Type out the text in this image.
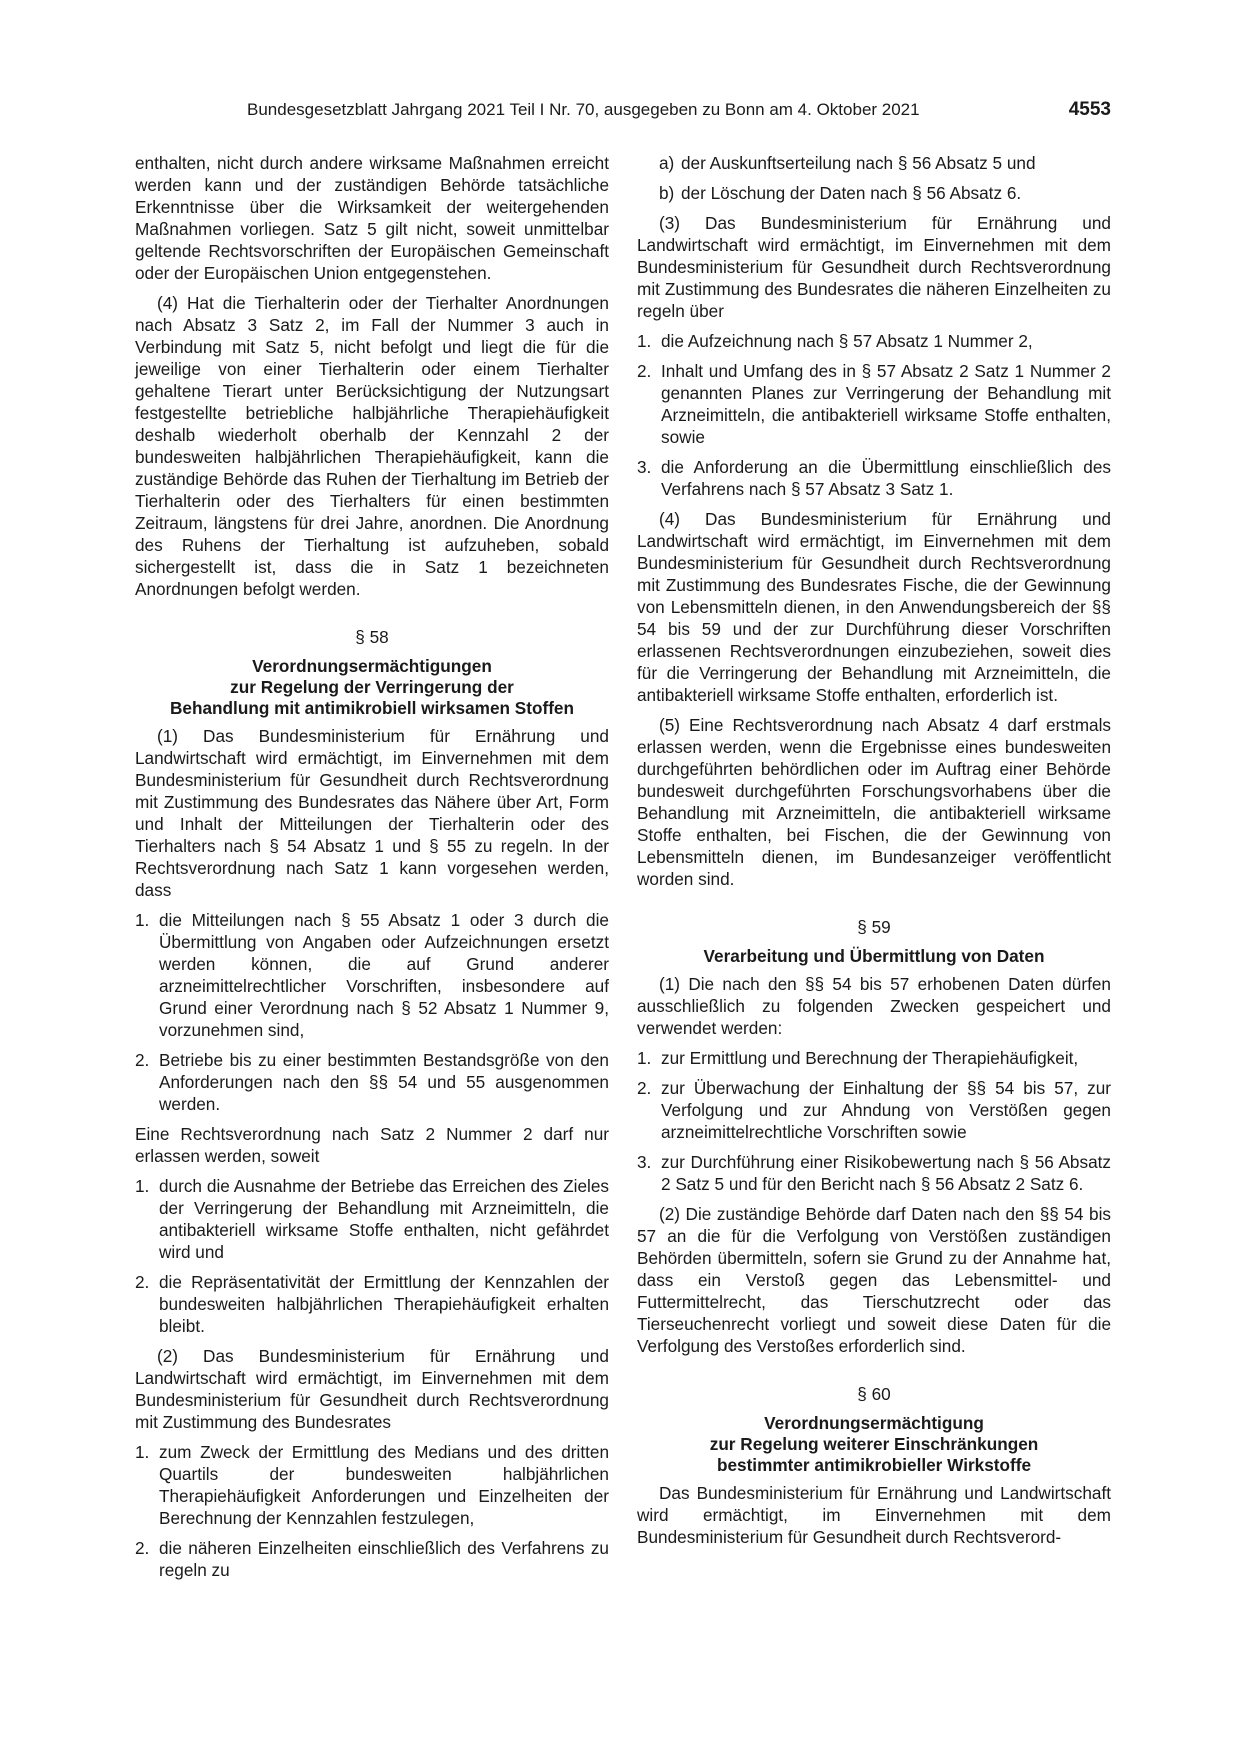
Bundesgesetzblatt Jahrgang 2021 Teil I Nr. 70, ausgegeben zu Bonn am 4. Oktober 2021	4553

enthalten, nicht durch andere wirksame Maßnahmen erreicht werden kann und der zuständigen Behörde tatsächliche Erkenntnisse über die Wirksamkeit der weitergehenden Maßnahmen vorliegen. Satz 5 gilt nicht, soweit unmittelbar geltende Rechtsvorschriften der Europäischen Gemeinschaft oder der Europäischen Union entgegenstehen.

(4) Hat die Tierhalterin oder der Tierhalter Anordnungen nach Absatz 3 Satz 2, im Fall der Nummer 3 auch in Verbindung mit Satz 5, nicht befolgt und liegt die für die jeweilige von einer Tierhalterin oder einem Tierhalter gehaltene Tierart unter Berücksichtigung der Nutzungsart festgestellte betriebliche halbjährliche Therapiehäufigkeit deshalb wiederholt oberhalb der Kennzahl 2 der bundesweiten halbjährlichen Therapiehäufigkeit, kann die zuständige Behörde das Ruhen der Tierhaltung im Betrieb der Tierhalterin oder des Tierhalters für einen bestimmten Zeitraum, längstens für drei Jahre, anordnen. Die Anordnung des Ruhens der Tierhaltung ist aufzuheben, sobald sichergestellt ist, dass die in Satz 1 bezeichneten Anordnungen befolgt werden.

§ 58
Verordnungsermächtigungen
zur Regelung der Verringerung der
Behandlung mit antimikrobiell wirksamen Stoffen

(1) Das Bundesministerium für Ernährung und Landwirtschaft wird ermächtigt, im Einvernehmen mit dem Bundesministerium für Gesundheit durch Rechtsverordnung mit Zustimmung des Bundesrates das Nähere über Art, Form und Inhalt der Mitteilungen der Tierhalterin oder des Tierhalters nach § 54 Absatz 1 und § 55 zu regeln. In der Rechtsverordnung nach Satz 1 kann vorgesehen werden, dass

1. die Mitteilungen nach § 55 Absatz 1 oder 3 durch die Übermittlung von Angaben oder Aufzeichnungen ersetzt werden können, die auf Grund anderer arzneimittelrechtlicher Vorschriften, insbesondere auf Grund einer Verordnung nach § 52 Absatz 1 Nummer 9, vorzunehmen sind,
2. Betriebe bis zu einer bestimmten Bestandsgröße von den Anforderungen nach den §§ 54 und 55 ausgenommen werden.

Eine Rechtsverordnung nach Satz 2 Nummer 2 darf nur erlassen werden, soweit

1. durch die Ausnahme der Betriebe das Erreichen des Zieles der Verringerung der Behandlung mit Arzneimitteln, die antibakteriell wirksame Stoffe enthalten, nicht gefährdet wird und
2. die Repräsentativität der Ermittlung der Kennzahlen der bundesweiten halbjährlichen Therapiehäufigkeit erhalten bleibt.

(2) Das Bundesministerium für Ernährung und Landwirtschaft wird ermächtigt, im Einvernehmen mit dem Bundesministerium für Gesundheit durch Rechtsverordnung mit Zustimmung des Bundesrates

1. zum Zweck der Ermittlung des Medians und des dritten Quartils der bundesweiten halbjährlichen Therapiehäufigkeit Anforderungen und Einzelheiten der Berechnung der Kennzahlen festzulegen,
2. die näheren Einzelheiten einschließlich des Verfahrens zu regeln zu
a) der Auskunftserteilung nach § 56 Absatz 5 und
b) der Löschung der Daten nach § 56 Absatz 6.

(3) Das Bundesministerium für Ernährung und Landwirtschaft wird ermächtigt, im Einvernehmen mit dem Bundesministerium für Gesundheit durch Rechtsverordnung mit Zustimmung des Bundesrates die näheren Einzelheiten zu regeln über

1. die Aufzeichnung nach § 57 Absatz 1 Nummer 2,
2. Inhalt und Umfang des in § 57 Absatz 2 Satz 1 Nummer 2 genannten Planes zur Verringerung der Behandlung mit Arzneimitteln, die antibakteriell wirksame Stoffe enthalten, sowie
3. die Anforderung an die Übermittlung einschließlich des Verfahrens nach § 57 Absatz 3 Satz 1.

(4) Das Bundesministerium für Ernährung und Landwirtschaft wird ermächtigt, im Einvernehmen mit dem Bundesministerium für Gesundheit durch Rechtsverordnung mit Zustimmung des Bundesrates Fische, die der Gewinnung von Lebensmitteln dienen, in den Anwendungsbereich der §§ 54 bis 59 und der zur Durchführung dieser Vorschriften erlassenen Rechtsverordnungen einzubeziehen, soweit dies für die Verringerung der Behandlung mit Arzneimitteln, die antibakteriell wirksame Stoffe enthalten, erforderlich ist.

(5) Eine Rechtsverordnung nach Absatz 4 darf erstmals erlassen werden, wenn die Ergebnisse eines bundesweiten durchgeführten behördlichen oder im Auftrag einer Behörde bundesweit durchgeführten Forschungsvorhabens über die Behandlung mit Arzneimitteln, die antibakteriell wirksame Stoffe enthalten, bei Fischen, die der Gewinnung von Lebensmitteln dienen, im Bundesanzeiger veröffentlicht worden sind.

§ 59
Verarbeitung und Übermittlung von Daten

(1) Die nach den §§ 54 bis 57 erhobenen Daten dürfen ausschließlich zu folgenden Zwecken gespeichert und verwendet werden:

1. zur Ermittlung und Berechnung der Therapiehäufigkeit,
2. zur Überwachung der Einhaltung der §§ 54 bis 57, zur Verfolgung und zur Ahndung von Verstößen gegen arzneimittelrechtliche Vorschriften sowie
3. zur Durchführung einer Risikobewertung nach § 56 Absatz 2 Satz 5 und für den Bericht nach § 56 Absatz 2 Satz 6.

(2) Die zuständige Behörde darf Daten nach den §§ 54 bis 57 an die für die Verfolgung von Verstößen zuständigen Behörden übermitteln, sofern sie Grund zu der Annahme hat, dass ein Verstoß gegen das Lebensmittel- und Futtermittelrecht, das Tierschutzrecht oder das Tierseuchenrecht vorliegt und soweit diese Daten für die Verfolgung des Verstoßes erforderlich sind.

§ 60
Verordnungsermächtigung
zur Regelung weiterer Einschränkungen
bestimmter antimikrobieller Wirkstoffe

Das Bundesministerium für Ernährung und Landwirtschaft wird ermächtigt, im Einvernehmen mit dem Bundesministerium für Gesundheit durch Rechtsverord-
